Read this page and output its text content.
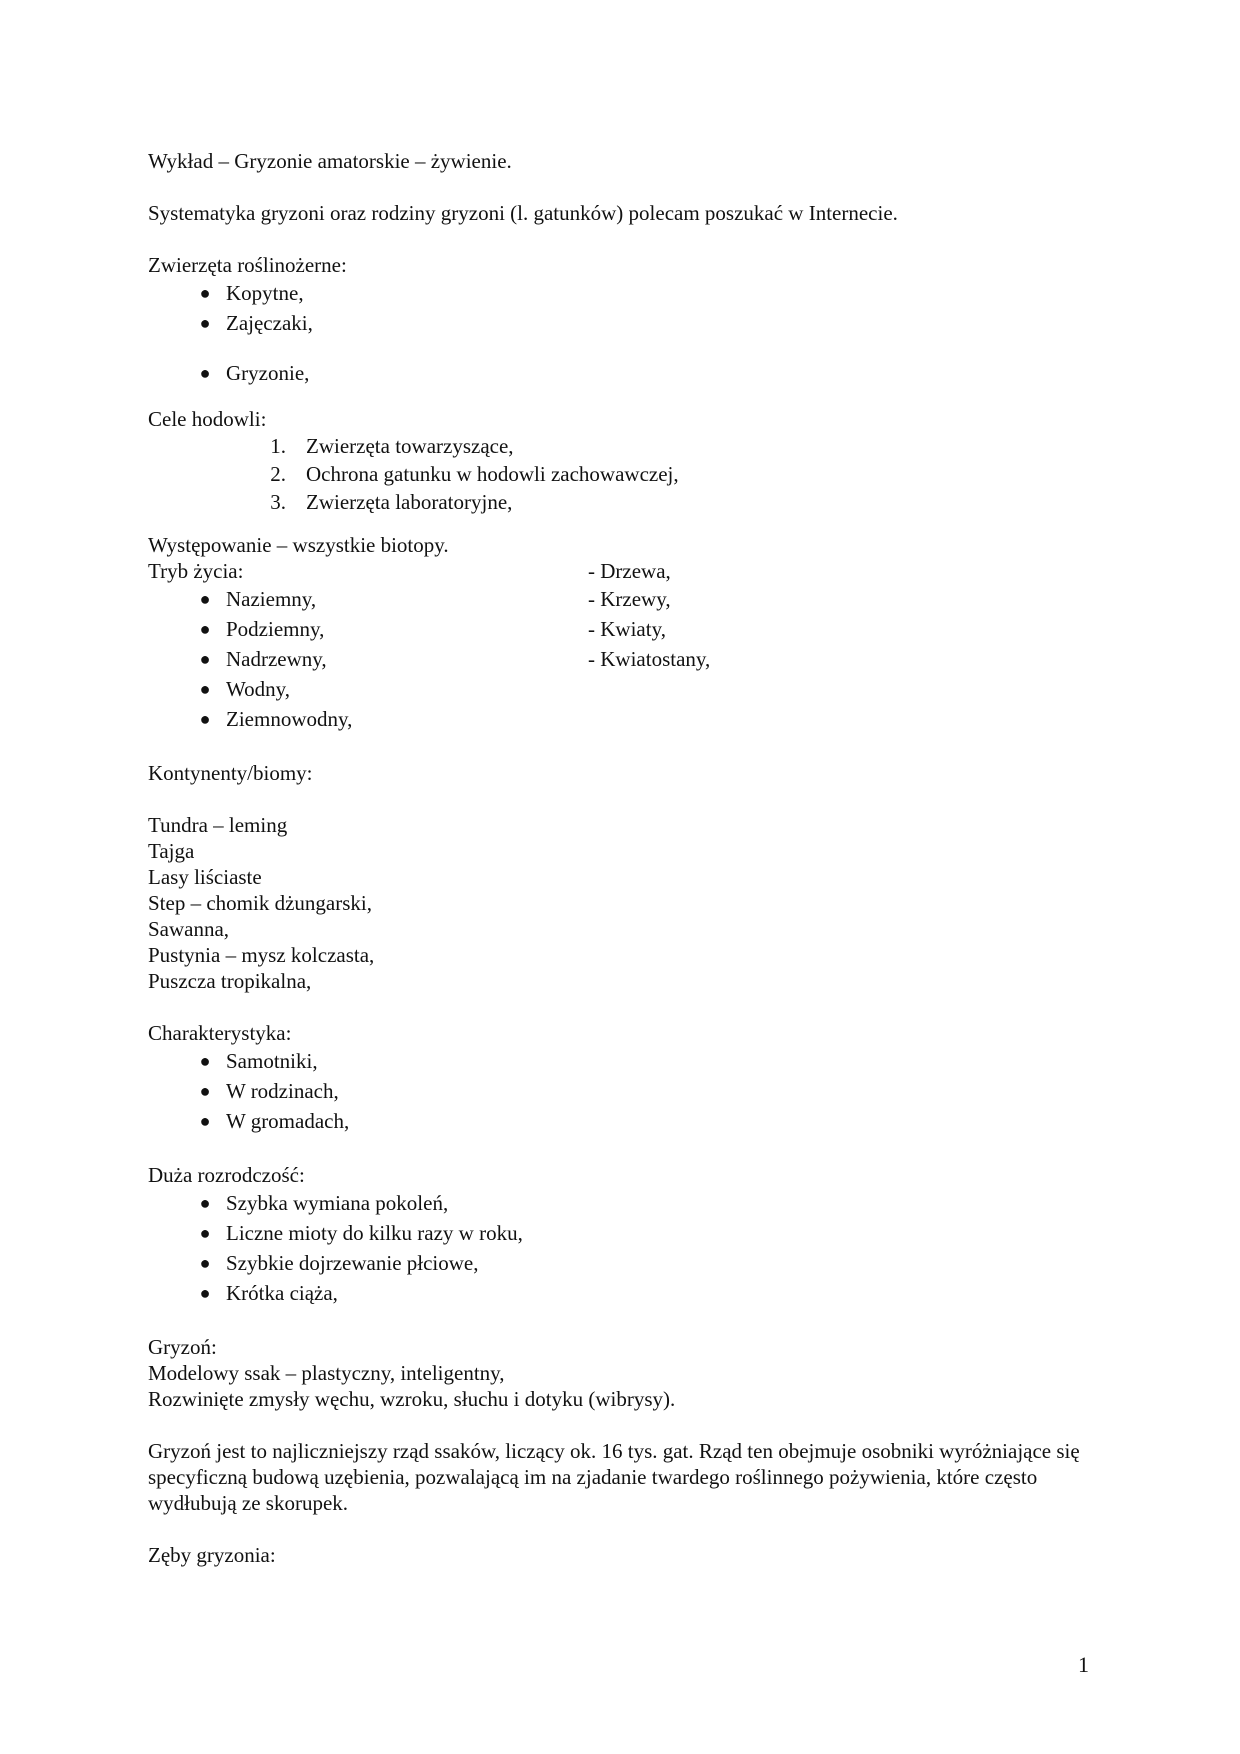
Wykład – Gryzonie amatorskie – żywienie.
Systematyka gryzoni oraz rodziny gryzoni (l. gatunków) polecam poszukać w Internecie.
Zwierzęta roślinożerne:
● Kopytne,
● Zajęczaki,
● Gryzonie,
Cele hodowli:
1. Zwierzęta towarzyszące,
2. Ochrona gatunku w hodowli zachowawczej,
3. Zwierzęta laboratoryjne,
Występowanie – wszystkie biotopy.
Tryb życia:
● Naziemny,
● Podziemny,
● Nadrzewny,
● Wodny,
● Ziemnowodny,
- Drzewa,
- Krzewy,
- Kwiaty,
- Kwiatostany,
Kontynenty/biomy:
Tundra – leming
Tajga
Lasy liściaste
Step – chomik dżungarski,
Sawanna,
Pustynia – mysz kolczasta,
Puszcza tropikalna,
Charakterystyka:
● Samotniki,
● W rodzinach,
● W gromadach,
Duża rozrodczość:
● Szybka wymiana pokoleń,
● Liczne mioty do kilku razy w roku,
● Szybkie dojrzewanie płciowe,
● Krótka ciąża,
Gryzoń:
Modelowy ssak – plastyczny, inteligentny,
Rozwinięte zmysły węchu, wzroku, słuchu i dotyku (wibrysy).
Gryzoń jest to najliczniejszy rząd ssaków, liczący ok. 16 tys. gat. Rząd ten obejmuje osobniki wyróżniające się specyficzną budową uzębienia, pozwalającą im na zjadanie twardego roślinnego pożywienia, które często wydłubują ze skorupek.
Zęby gryzonia:
1
